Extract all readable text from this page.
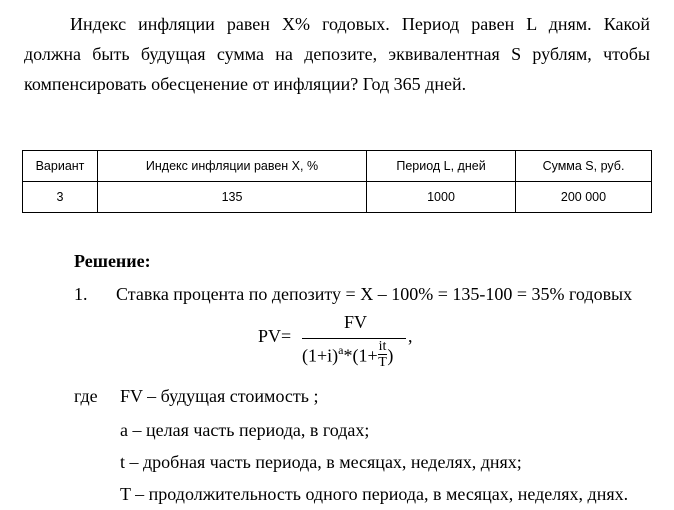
Индекс инфляции равен X% годовых. Период равен L дням. Какой
должна быть будущая сумма на депозите, эквивалентная S рублям, чтобы
компенсировать обесценение от инфляции? Год 365 дней.
Вариант	Индекс инфляции равен X, %	Период L, дней	Сумма S, руб.
3	135	1000	200 000
Решение:
1. Ставка процента по депозиту = X – 100% = 135-100 = 35% годовых
PV=
FV
$(1+i)^a*(1+ \frac{it}{T}$ )
,
где FV – будущая стоимость ;
a – целая часть периода, в годах;
t – дробная часть периода, в месяцах, неделях, днях;
T – продолжительность одного периода, в месяцах, неделях, днях.
